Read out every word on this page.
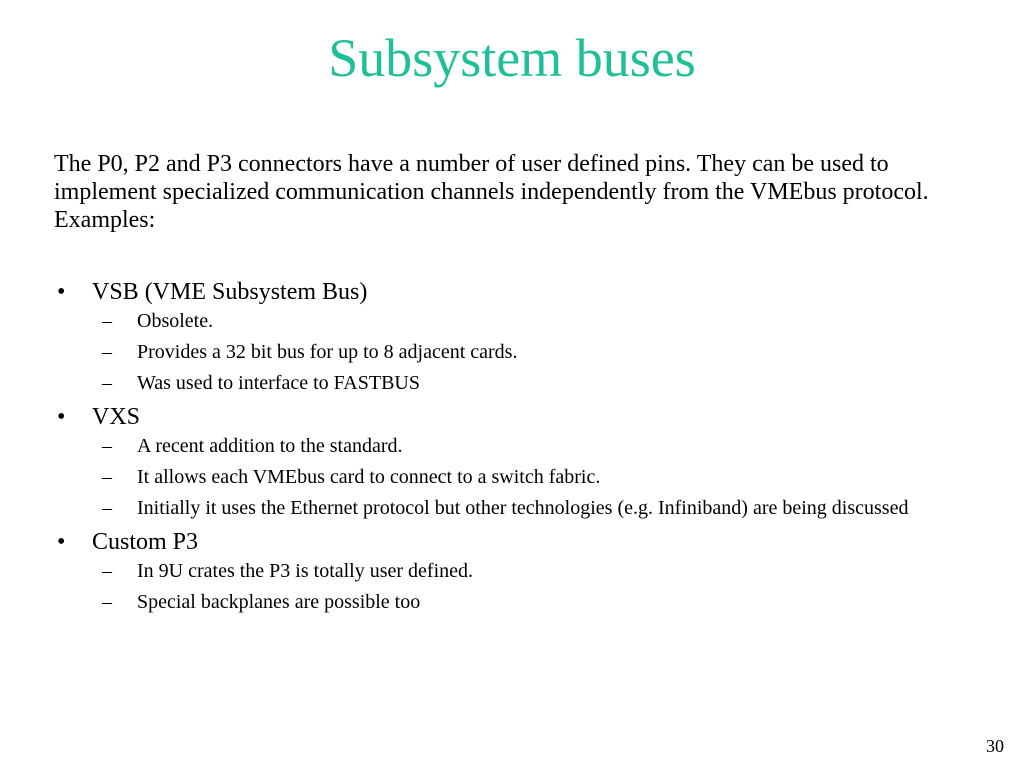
Subsystem buses

The P0, P2 and P3 connectors have a number of user defined pins. They can be used to implement specialized communication channels independently from the VMEbus protocol. Examples:

• VSB (VME Subsystem Bus)
– Obsolete.
– Provides a 32 bit bus for up to 8 adjacent cards.
– Was used to interface to FASTBUS
• VXS
– A recent addition to the standard.
– It allows each VMEbus card to connect to a switch fabric.
– Initially it uses the Ethernet protocol but other technologies (e.g. Infiniband) are being discussed
• Custom P3
– In 9U crates the P3 is totally user defined.
– Special backplanes are possible too

30
